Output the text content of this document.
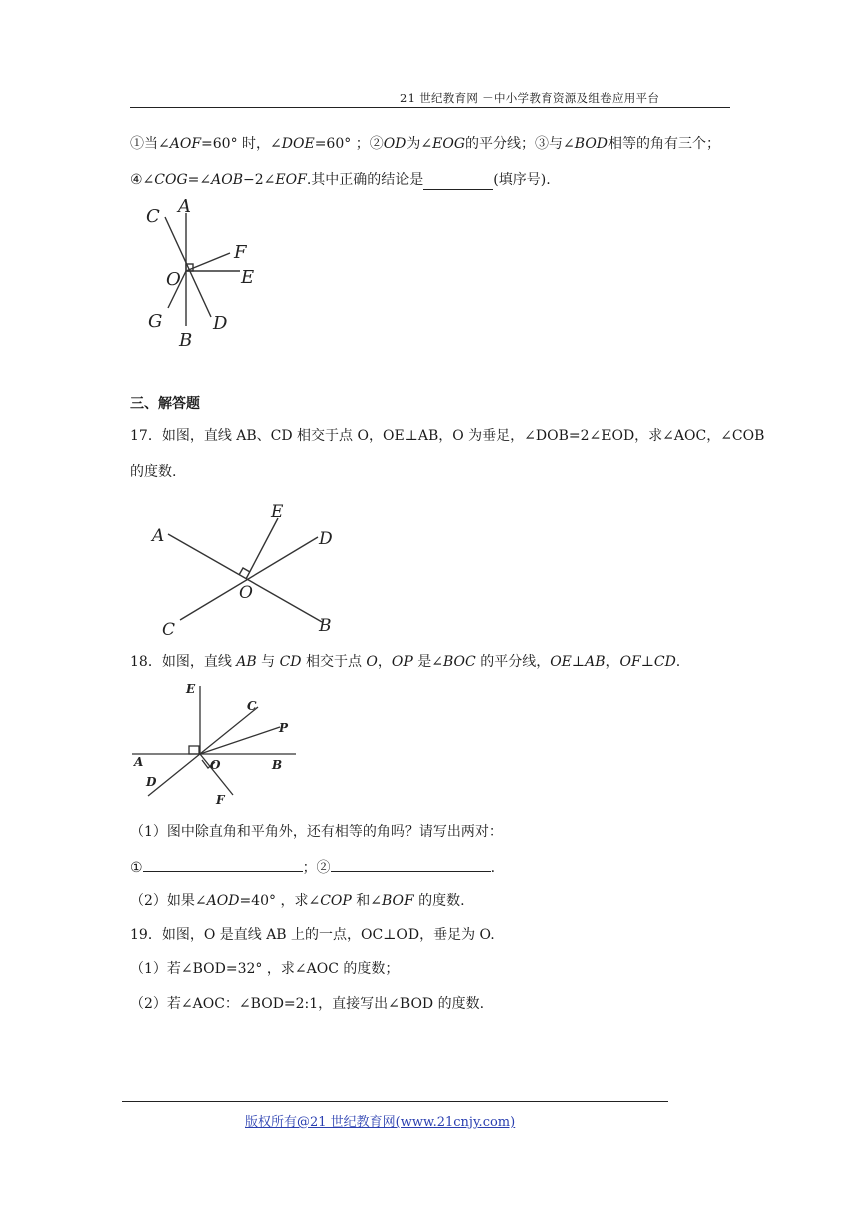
21 世纪教育网 －中小学教育资源及组卷应用平台
①当∠AOF=60° 时，∠DOE=60° ；②OD为∠EOG的平分线；③与∠BOD相等的角有三个；
④∠COG=∠AOB−2∠EOF.其中正确的结论是	(填序号).
A
C
F
E
O
G	D
B
三、解答题
17．如图，直线 AB、CD 相交于点 O，OE⊥AB，O 为垂足，∠DOB=2∠EOD，求∠AOC，∠COB
的度数.
A
E
D
O
C	B
18．如图，直线 AB 与 CD 相交于点 O，OP 是∠BOC 的平分线，OE⊥AB，OF⊥CD.
E
C
P
A	O	B
D
F
（1）图中除直角和平角外，还有相等的角吗？请写出两对：
①	；②	.
（2）如果∠AOD=40° ，求∠COP 和∠BOF 的度数.
19．如图，O 是直线 AB 上的一点，OC⊥OD，垂足为 O.
（1）若∠BOD=32° ，求∠AOC 的度数；
（2）若∠AOC：∠BOD=2:1，直接写出∠BOD 的度数.
版权所有@21 世纪教育网(www.21cnjy.com)
